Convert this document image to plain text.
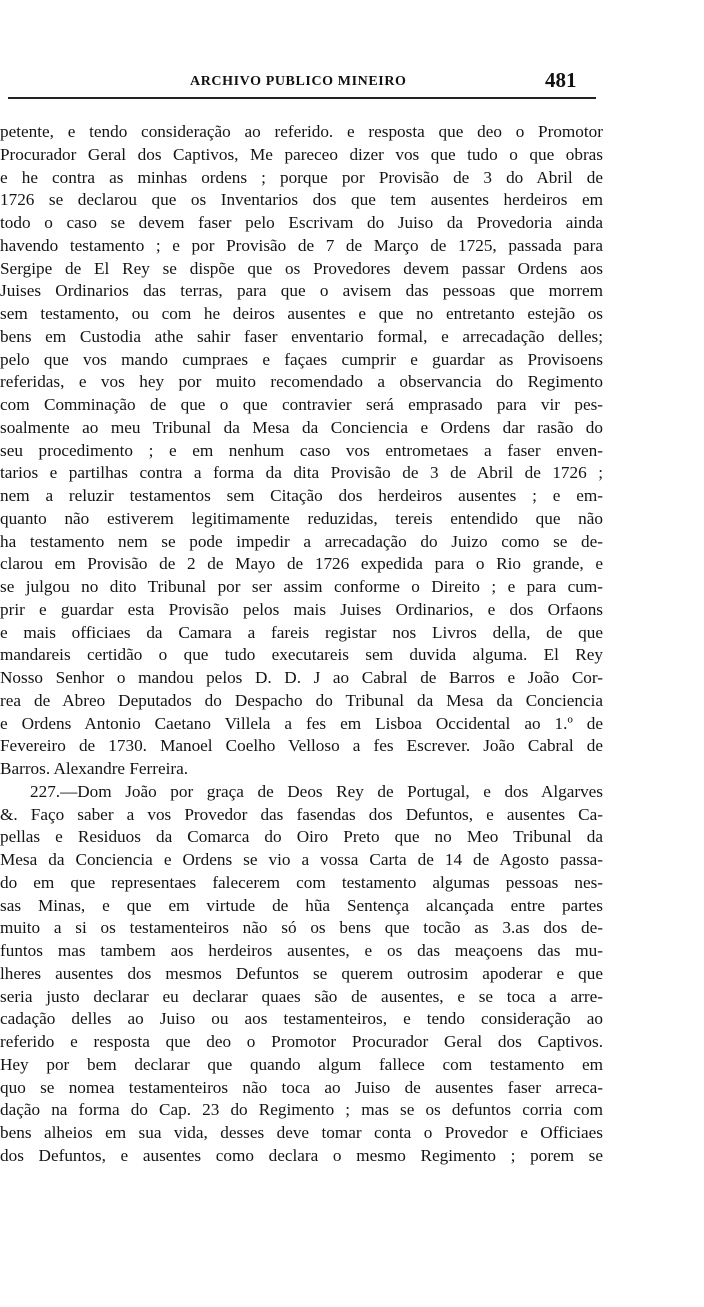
ARCHIVO PUBLICO MINEIRO	481
petente, e tendo consideração ao referido. e resposta que deo o Promotor
Procurador Geral dos Captivos, Me pareceo dizer vos que tudo o que obras
e he contra as minhas ordens ; porque por Provisão de 3 do Abril de
1726 se declarou que os Inventarios dos que tem ausentes herdeiros em
todo o caso se devem faser pelo Escrivam do Juiso da Provedoria ainda
havendo testamento ; e por Provisão de 7 de Março de 1725, passada para
Sergipe de El Rey se dispõe que os Provedores devem passar Ordens aos
Juises Ordinarios das terras, para que o avisem das pessoas que morrem
sem testamento, ou com he deiros ausentes e que no entretanto estejão os
bens em Custodia athe sahir faser enventario formal, e arrecadação delles;
pelo que vos mando cumpraes e façaes cumprir e guardar as Provisoens
referidas, e vos hey por muito recomendado a observancia do Regimento
com Comminação de que o que contravier será emprasado para vir pes-
soalmente ao meu Tribunal da Mesa da Conciencia e Ordens dar rasão do
seu procedimento ; e em nenhum caso vos entrometaes a faser enven-
tarios e partilhas contra a forma da dita Provisão de 3 de Abril de 1726 ;
nem a reluzir testamentos sem Citação dos herdeiros ausentes ; e em-
quanto não estiverem legitimamente reduzidas, tereis entendido que não
ha testamento nem se pode impedir a arrecadação do Juizo como se de-
clarou em Provisão de 2 de Mayo de 1726 expedida para o Rio grande, e
se julgou no dito Tribunal por ser assim conforme o Direito ; e para cum-
prir e guardar esta Provisão pelos mais Juises Ordinarios, e dos Orfaons
e mais officiaes da Camara a fareis registar nos Livros della, de que
mandareis certidão o que tudo executareis sem duvida alguma. El Rey
Nosso Senhor o mandou pelos D. D. J ao Cabral de Barros e João Cor-
rea de Abreo Deputados do Despacho do Tribunal da Mesa da Conciencia
e Ordens Antonio Caetano Villela a fes em Lisboa Occidental ao 1.º de
Fevereiro de 1730. Manoel Coelho Velloso a fes Escrever. João Cabral de
Barros. Alexandre Ferreira.
227.—Dom João por graça de Deos Rey de Portugal, e dos Algarves
&. Faço saber a vos Provedor das fasendas dos Defuntos, e ausentes Ca-
pellas e Residuos da Comarca do Oiro Preto que no Meo Tribunal da
Mesa da Conciencia e Ordens se vio a vossa Carta de 14 de Agosto passa-
do em que representaes falecerem com testamento algumas pessoas nes-
sas Minas, e que em virtude de hũa Sentença alcançada entre partes
muito a si os testamenteiros não só os bens que tocão as 3.as dos de-
funtos mas tambem aos herdeiros ausentes, e os das meaçoens das mu-
lheres ausentes dos mesmos Defuntos se querem outrosim apoderar e que
seria justo declarar eu declarar quaes são de ausentes, e se toca a arre-
cadação delles ao Juiso ou aos testamenteiros, e tendo consideração ao
referido e resposta que deo o Promotor Procurador Geral dos Captivos.
Hey por bem declarar que quando algum fallece com testamento em
quo se nomea testamenteiros não toca ao Juiso de ausentes faser arreca-
dação na forma do Cap. 23 do Regimento ; mas se os defuntos corria com
bens alheios em sua vida, desses deve tomar conta o Provedor e Officiaes
dos Defuntos, e ausentes como declara o mesmo Regimento ; porem se
